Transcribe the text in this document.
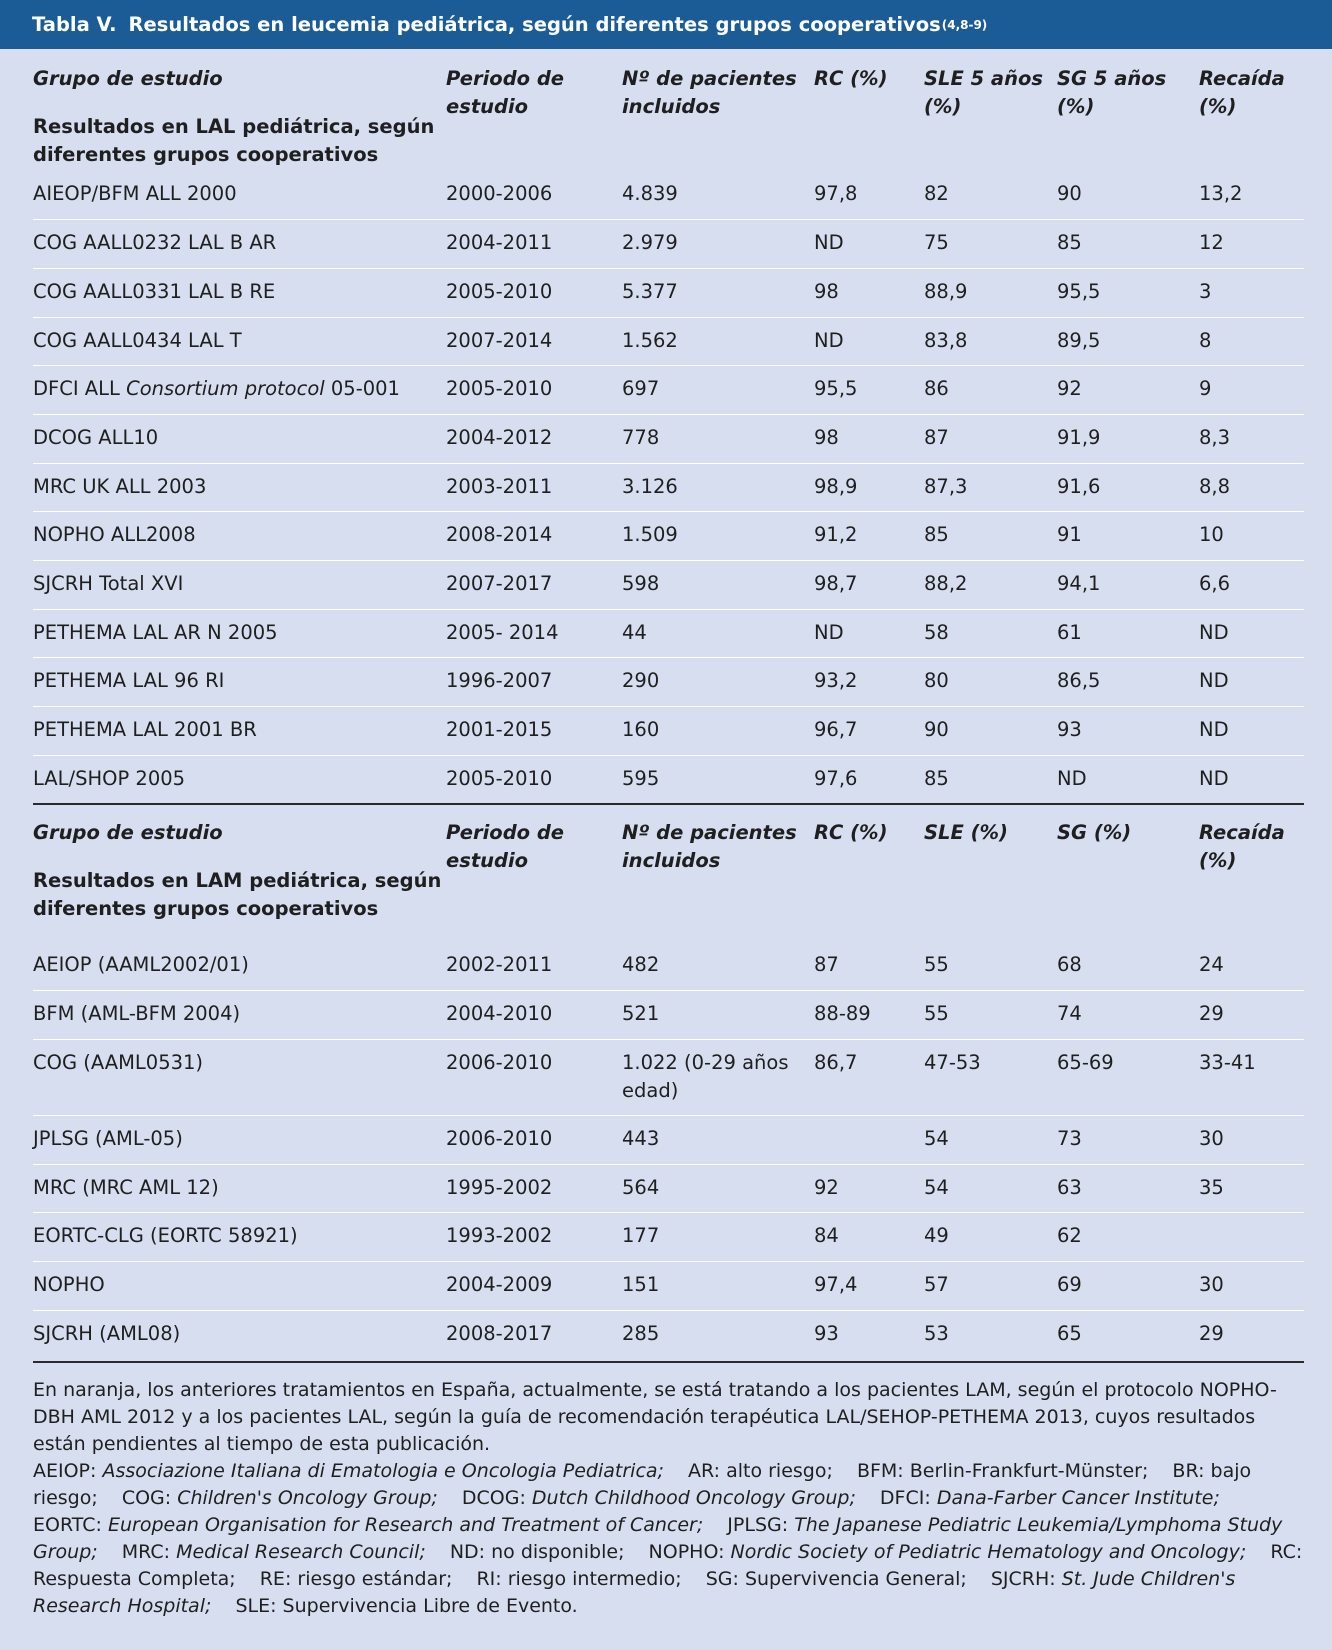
Tabla V. Resultados en leucemia pediátrica, según diferentes grupos cooperativos (4,8-9)
Grupo de estudio
Resultados en LAL pediátrica, según diferentes grupos cooperativos	Periodo de estudio	Nº de pacientes incluidos	RC (%)	SLE 5 años (%)	SG 5 años (%)	Recaída (%)
AIEOP/BFM ALL 2000	2000-2006	4.839	97,8	82	90	13,2
COG AALL0232 LAL B AR	2004-2011	2.979	ND	75	85	12
COG AALL0331 LAL B RE	2005-2010	5.377	98	88,9	95,5	3
COG AALL0434 LAL T	2007-2014	1.562	ND	83,8	89,5	8
DFCI ALL Consortium protocol 05-001	2005-2010	697	95,5	86	92	9
DCOG ALL10	2004-2012	778	98	87	91,9	8,3
MRC UK ALL 2003	2003-2011	3.126	98,9	87,3	91,6	8,8
NOPHO ALL2008	2008-2014	1.509	91,2	85	91	10
SJCRH Total XVI	2007-2017	598	98,7	88,2	94,1	6,6
PETHEMA LAL AR N 2005	2005- 2014	44	ND	58	61	ND
PETHEMA LAL 96 RI	1996-2007	290	93,2	80	86,5	ND
PETHEMA LAL 2001 BR	2001-2015	160	96,7	90	93	ND
LAL/SHOP 2005	2005-2010	595	97,6	85	ND	ND
Grupo de estudio
Resultados en LAM pediátrica, según diferentes grupos cooperativos	Periodo de estudio	Nº de pacientes incluidos	RC (%)	SLE (%)	SG (%)	Recaída (%)
AEIOP (AAML2002/01)	2002-2011	482	87	55	68	24
BFM (AML-BFM 2004)	2004-2010	521	88-89	55	74	29
COG (AAML0531)	2006-2010	1.022 (0-29 años edad)	86,7	47-53	65-69	33-41
JPLSG (AML-05)	2006-2010	443		54	73	30
MRC (MRC AML 12)	1995-2002	564	92	54	63	35
EORTC-CLG (EORTC 58921)	1993-2002	177	84	49	62	
NOPHO	2004-2009	151	97,4	57	69	30
SJCRH (AML08)	2008-2017	285	93	53	65	29

En naranja, los anteriores tratamientos en España, actualmente, se está tratando a los pacientes LAM, según el protocolo NOPHO-DBH AML 2012 y a los pacientes LAL, según la guía de recomendación terapéutica LAL/SEHOP-PETHEMA 2013, cuyos resultados están pendientes al tiempo de esta publicación.

AEIOP: Associazione Italiana di Ematologia e Oncologia Pediatrica; AR: alto riesgo; BFM: Berlin-Frankfurt-Münster; BR: bajo riesgo; COG: Children's Oncology Group; DCOG: Dutch Childhood Oncology Group; DFCI: Dana-Farber Cancer Institute; EORTC: European Organisation for Research and Treatment of Cancer; JPLSG: The Japanese Pediatric Leukemia/Lymphoma Study Group; MRC: Medical Research Council; ND: no disponible; NOPHO: Nordic Society of Pediatric Hematology and Oncology; RC: Respuesta Completa; RE: riesgo estándar; RI: riesgo intermedio; SG: Supervivencia General; SJCRH: St. Jude Children's Research Hospital; SLE: Supervivencia Libre de Evento.
